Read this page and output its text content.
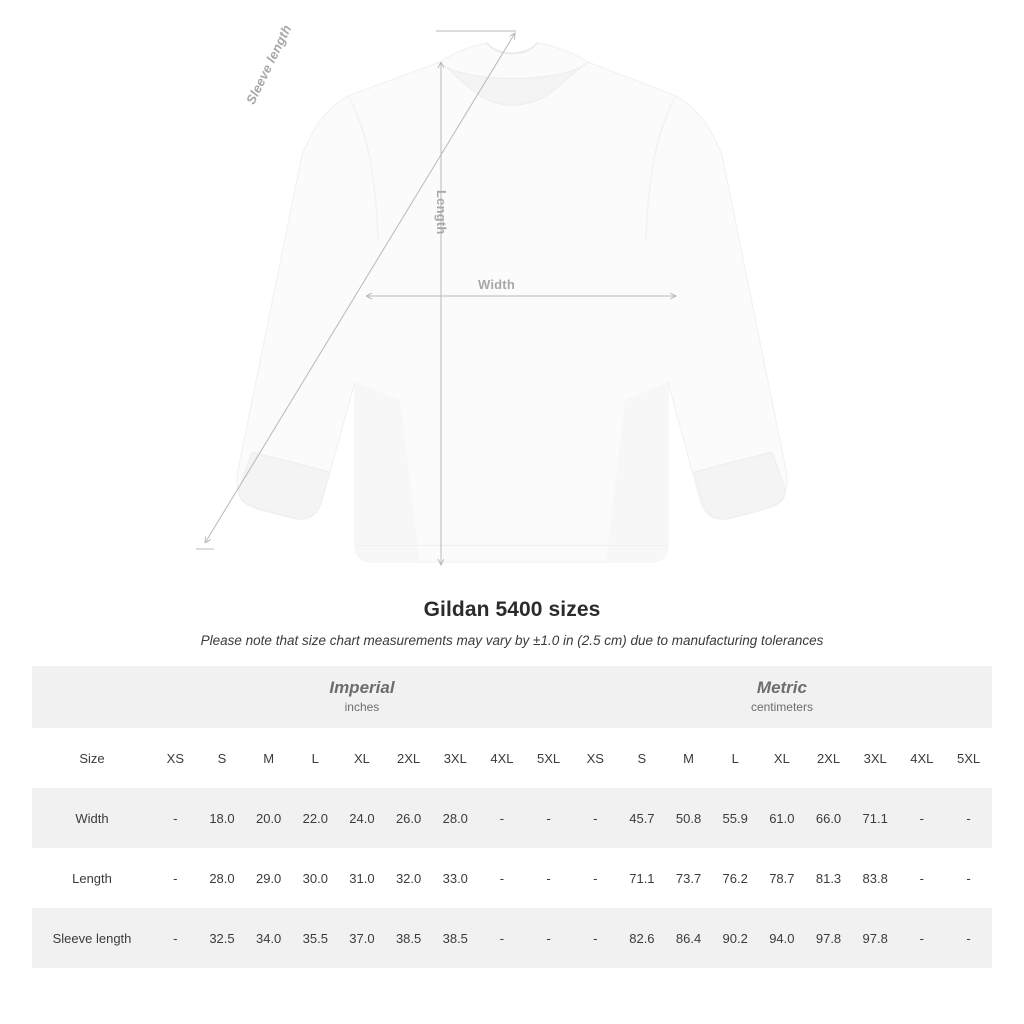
Sleeve length
Length
Width
Gildan 5400 sizes
Please note that size chart measurements may vary by ±1.0 in (2.5 cm) due to manufacturing tolerances

	Imperial
inches									Metric
centimeters								

Size	XS	S	M	L	XL	2XL	3XL	4XL	5XL	XS	S	M	L	XL	2XL	3XL	4XL	5XL
Width	-	18.0	20.0	22.0	24.0	26.0	28.0	-	-	-	45.7	50.8	55.9	61.0	66.0	71.1	-	-
Length	-	28.0	29.0	30.0	31.0	32.0	33.0	-	-	-	71.1	73.7	76.2	78.7	81.3	83.8	-	-
Sleeve length	-	32.5	34.0	35.5	37.0	38.5	38.5	-	-	-	82.6	86.4	90.2	94.0	97.8	97.8	-	-
